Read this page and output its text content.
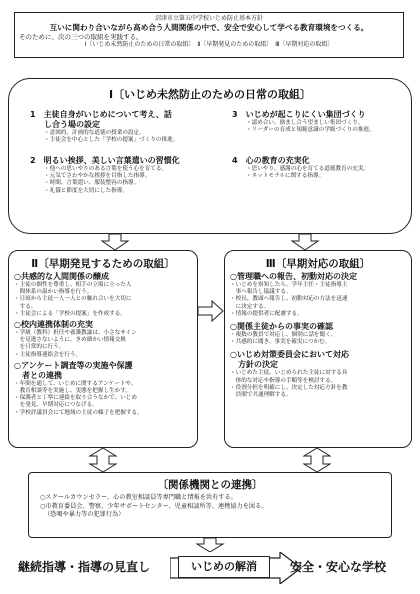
沼津市立第五中学校いじめ防止基本方針
互いに関わり合いながら高め合う人間関係の中で、安全で安心して学べる教育環境をつくる。
そのために、次の三つの取組を実践する。
Ⅰ〔いじめ未然防止のための日常の取組〕　Ⅱ〔早期発見のための取組〕　Ⅲ〔早期対応の取組〕
Ⅰ〔いじめ未然防止のための日常の取組〕
1　 主徒自身がいじめについて考え、話
し合う場の設定
・意図的、計画的な道徳の授業の設定。
・主徒会を中心とした「学校の提案」づくりの推進。
2　 明るい挨拶、美しい言葉遣いの習慣化
・他への思いやりのある言葉を使う心を育てる。
・元気でさわやかな挨拶を目指した指導。
・時間、言葉遣い、服装整容の指導。
・礼儀と節度を大切にした指導。
3　 いじめが起こりにくい集団づくり
・認め合い、励まし合う望ましい集団づくり。
・リーダーの育成と規範意識の学級づくりの推進。
4　 心の教育の充実化
・思いやり、感謝の心を育てる道徳教育の充実。
・ネットモラルに関する指導。
Ⅱ〔早期発見するための取組〕
○共感的な人間関係の醸成
・主徒の個性を尊重し、相手の立場に立った人
　間体系の温かい指導を行う。
・日頃から主徒一人一人との触れ合いを大切に
　する。
・主徒会による「学校の提案」を作成する。
○校内連携体制の充実
・学級（教科）担任や養護教諭は、小さなサイン
　を見逃さないように、きめ細かい情報交換
　を日常的に行う。
・主徒指導連絡会を行う。
○アンケート調査等の実施や保護
　者との連携
・年間を通して、いじめに関するアンケートや、
　教育相談等を実施し、実態を把握し生かす。
・保護者と丁寧に連絡を取り合うなかで、いじめ
　を発見、早期対応につなげる。
・学校評議員会にて地域の主徒の様子を把握する。
Ⅲ〔早期対応の取組〕
○管理職への報告、初動対応の決定
・いじめを察知したら、学年主任・主徒指導主
　事へ報告し協議する。
・校長、教頭へ報告し、初動対応の方法を迅速
　に決定する。
・情報の提供者に配慮する。
○関係主徒からの事実の確認
・複数の教員で対応し、個別に話を聞く。
・共感的に聞き、事実を確実につかむ。
○いじめ対策委員会において対応
　方針の決定
・いじめた主徒、いじめられた主徒に対する具
　体的な対応や指導の手順等を検討する。
・役割分担を明確にし、決定した対応方針を教
　員間で共通理解する。
〔関係機関との連携〕
○スクールカウンセラー、心の教室相談員等専門職と情報を共有する。
○市教育委員会、警察、少年サポートセンター、児童相談所等、連携協力を図る。
（恐喝や暴力等の犯罪行為）
継続指導・指導の見直し	いじめの解消	安全・安心な学校
